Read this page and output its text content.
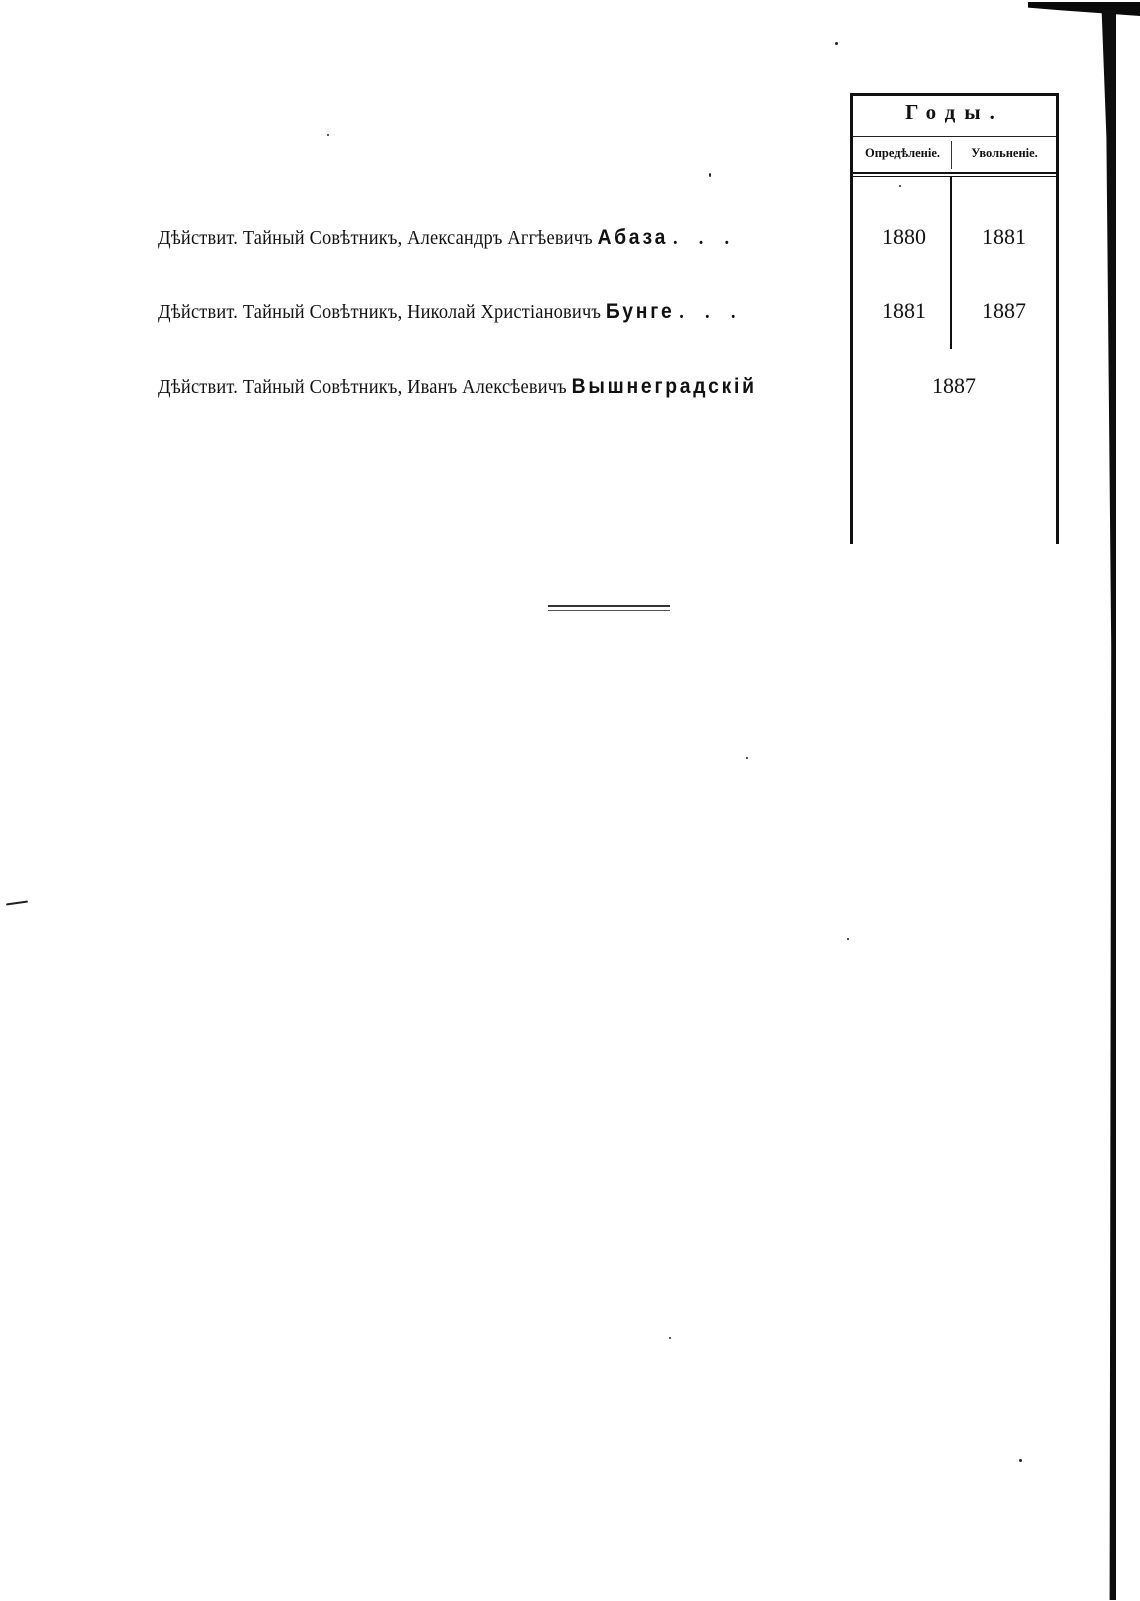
Годы.
Опредѣленіе.	Увольненіе.
Дѣйствит. Тайный Совѣтникъ, Александръ Аггѣевичъ Абаза . . .	1880	1881
Дѣйствит. Тайный Совѣтникъ, Николай Христіановичъ Бунге . . .	1881	1887
Дѣйствит. Тайный Совѣтникъ, Иванъ Алексѣевичъ Вышнеградскій	1887
